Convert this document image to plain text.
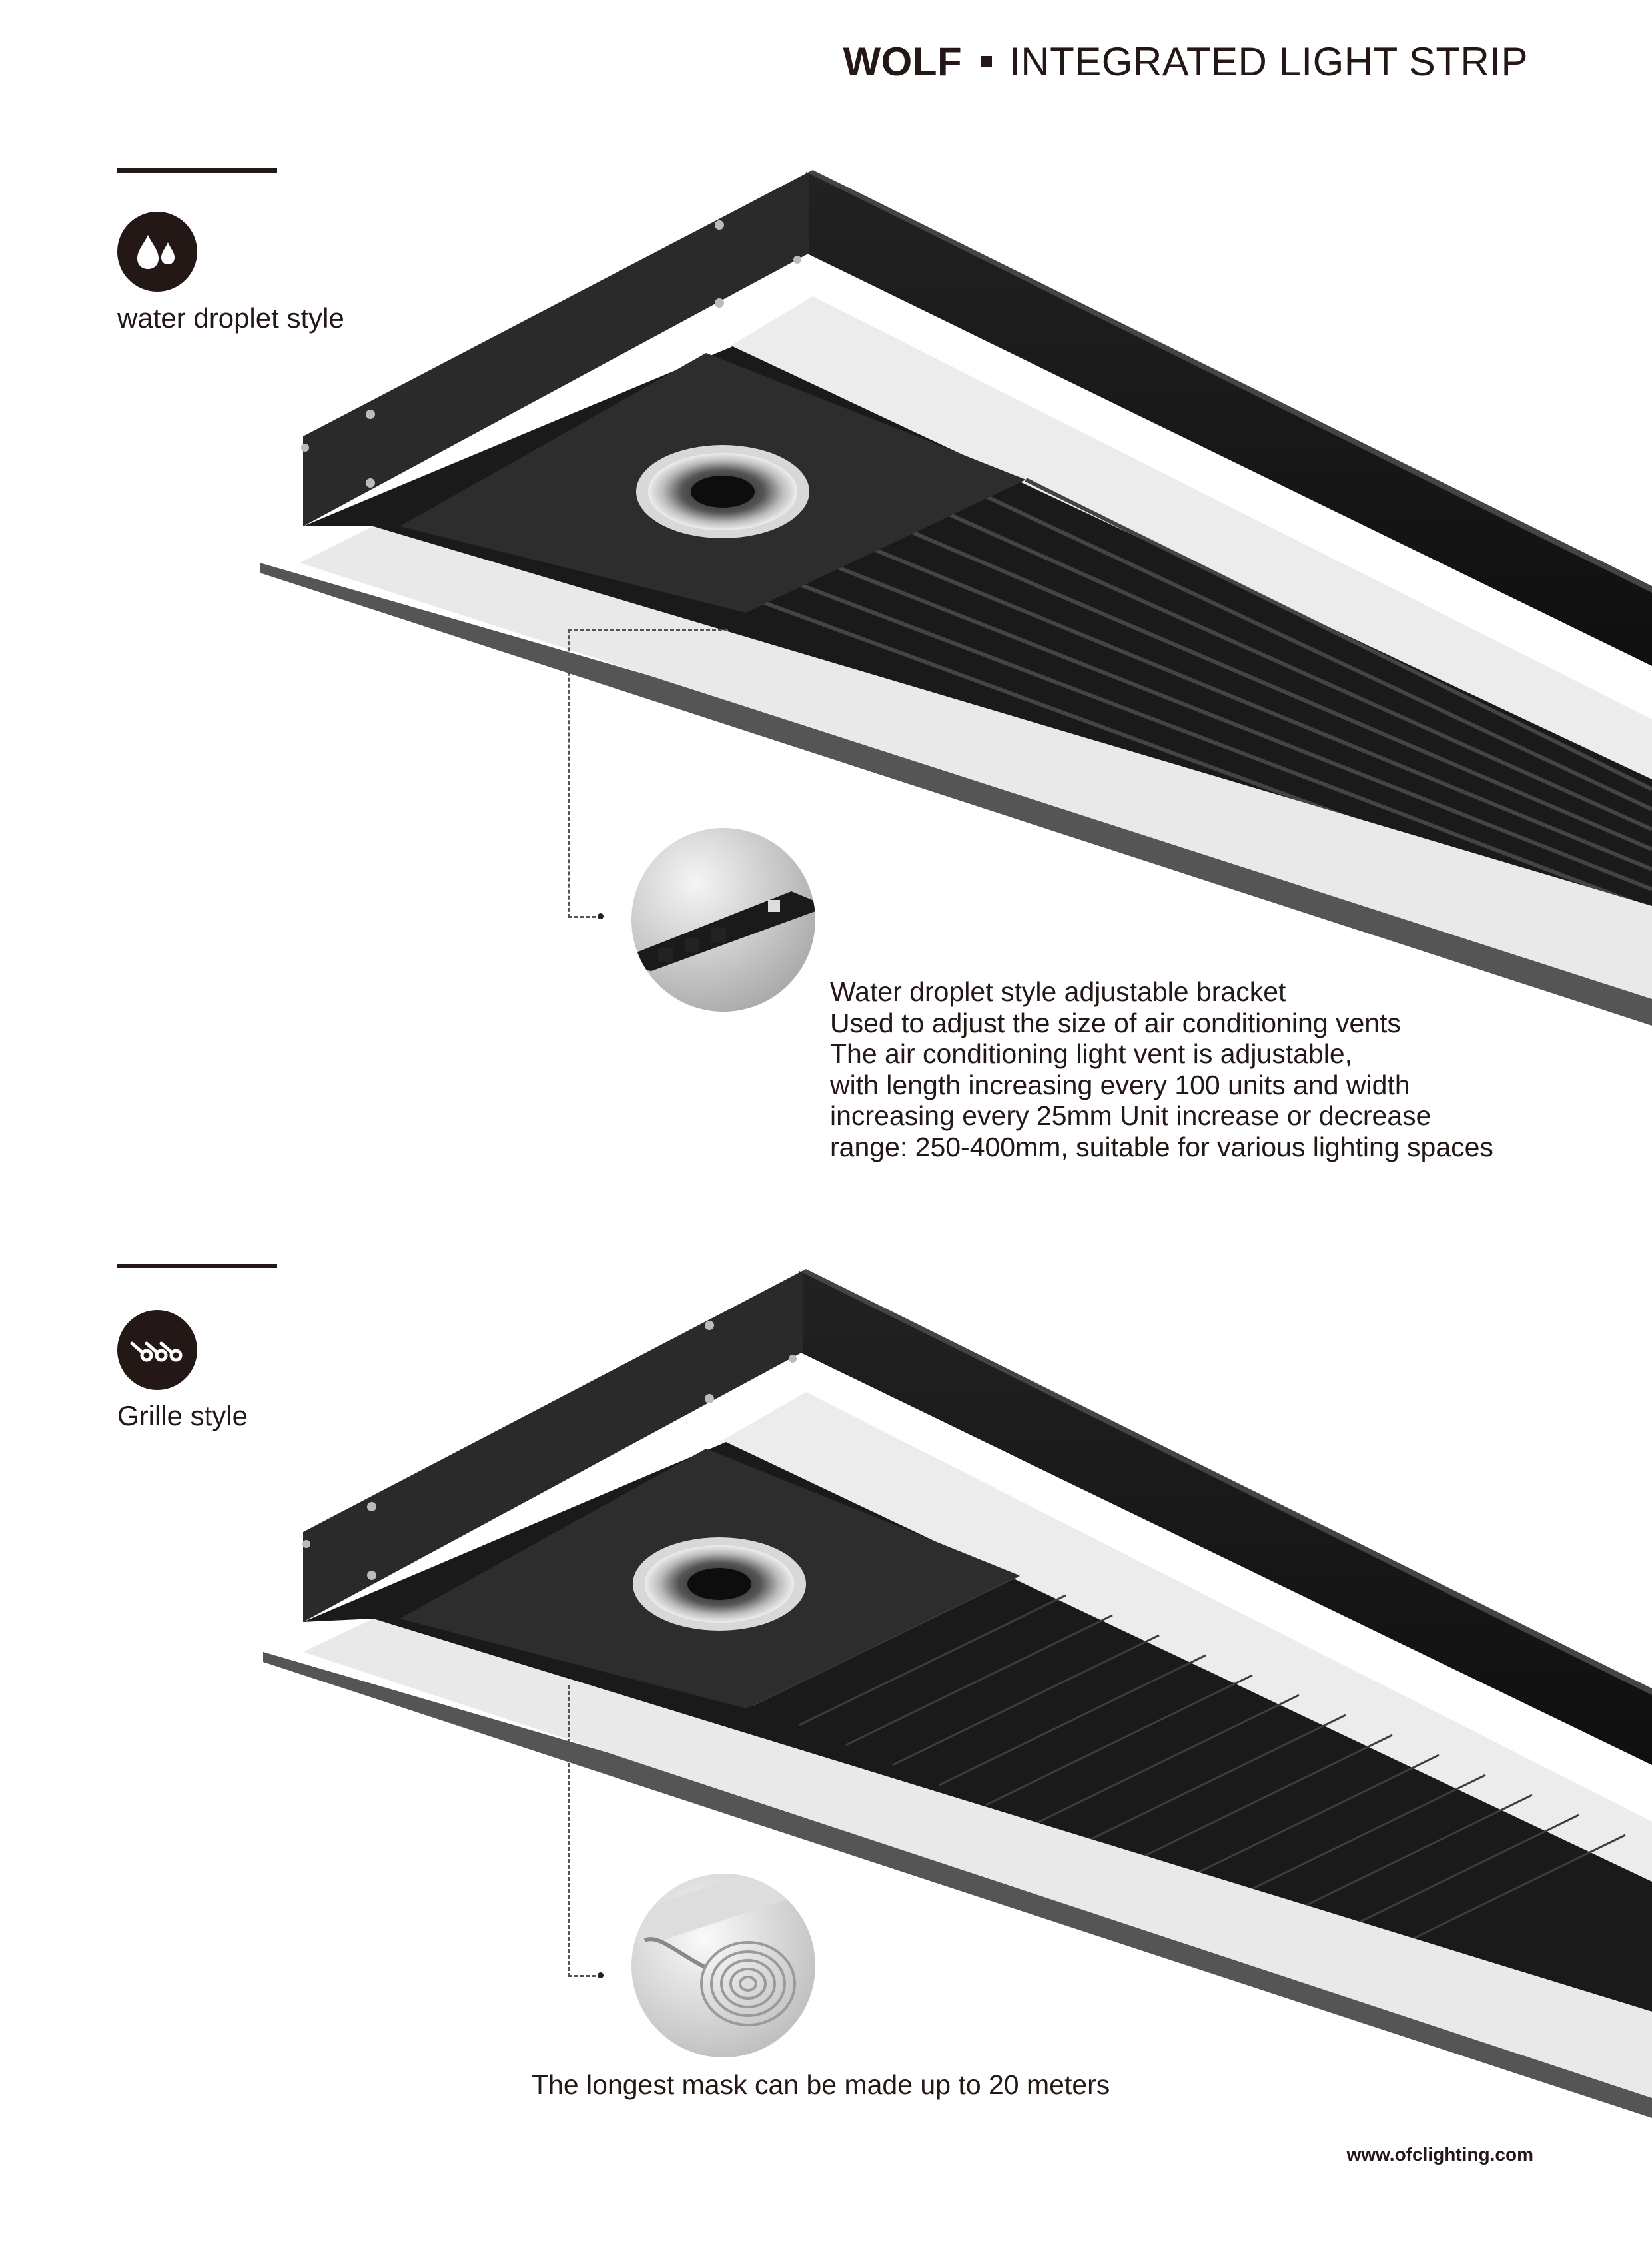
WOLF INTEGRATED LIGHT STRIP
water droplet style
Water droplet style adjustable bracket
Used to adjust the size of air conditioning vents
The air conditioning light vent is adjustable,
with length increasing every 100 units and width
increasing every 25mm Unit increase or decrease
range: 250-400mm, suitable for various lighting spaces
Grille style
The longest mask can be made up to 20 meters
www.ofclighting.com
